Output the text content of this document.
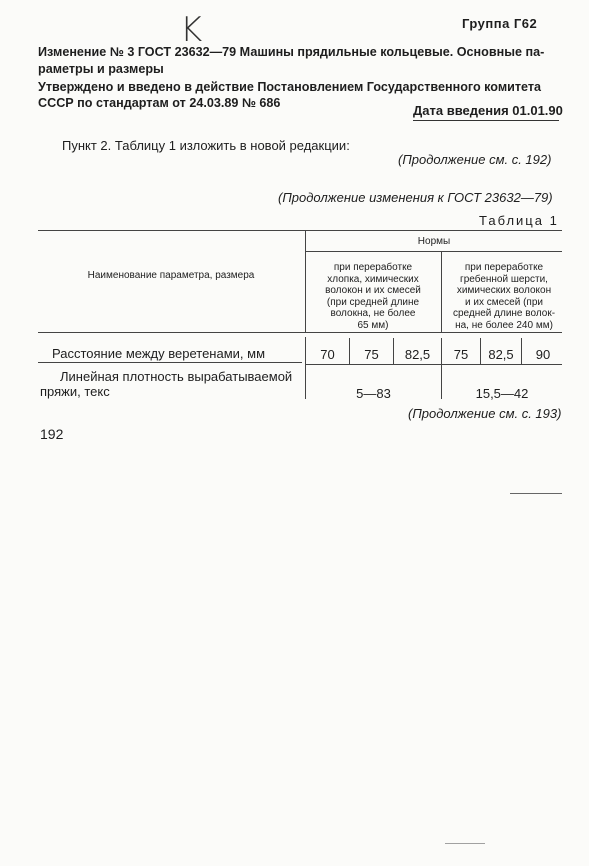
K	Группа Г62
Изменение № 3 ГОСТ 23632—79 Машины прядильные кольцевые. Основные па-
раметры и размеры
Утверждено и введено в действие Постановлением Государственного комитета
СССР по стандартам от 24.03.89 № 686	Дата введения 01.01.90
Пункт 2. Таблицу 1 изложить в новой редакции:
(Продолжение см. с. 192)
(Продолжение изменения к ГОСТ 23632—79)
Таблица 1
Наименование параметра, размера
Нормы
при переработке
хлопка, химических
волокон и их смесей
(при средней длине
волокна, не более
65 мм)
при переработке
гребенной шерсти,
химических волокон
и их смесей (при
средней длине волок-
на, не более 240 мм)
Расстояние между веретенами, мм	70	75	82,5	75	82,5	90
Линейная плотность вырабатываемой
пряжи, текс	5—83	15,5—42
(Продолжение см. с. 193)
192
